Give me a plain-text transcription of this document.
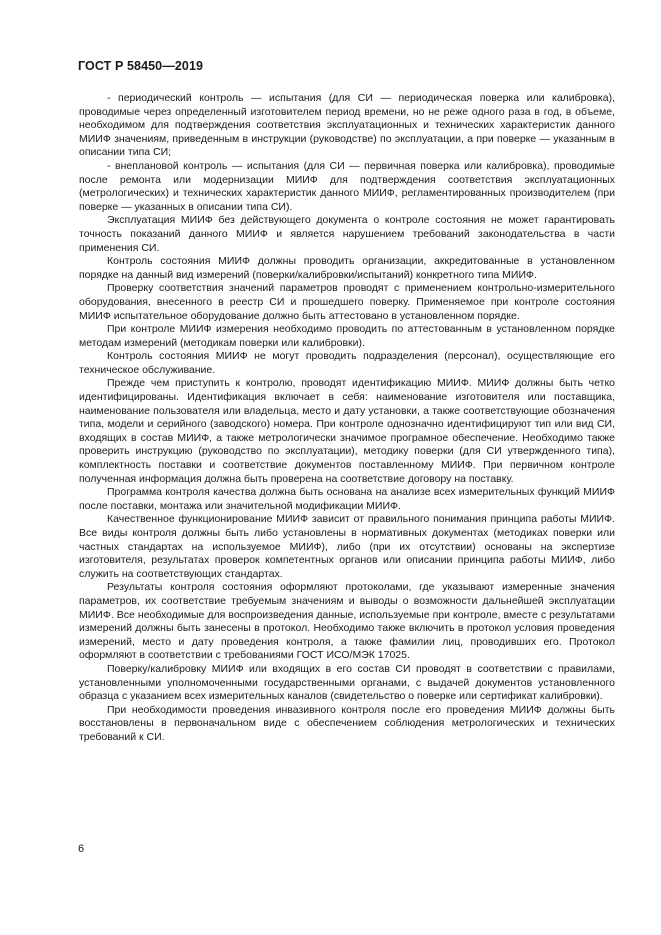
ГОСТ Р 58450—2019

- периодический контроль — испытания (для СИ — периодическая поверка или калибровка), проводимые через определенный изготовителем период времени, но не реже одного раза в год, в объеме, необходимом для подтверждения соответствия эксплуатационных и технических характеристик данного МИИФ значениям, приведенным в инструкции (руководстве) по эксплуатации, а при поверке — указанным в описании типа СИ;

- внеплановой контроль — испытания (для СИ — первичная поверка или калибровка), проводимые после ремонта или модернизации МИИФ для подтверждения соответствия эксплуатационных (метрологических) и технических характеристик данного МИИФ, регламентированных производителем (при поверке — указанных в описании типа СИ).

Эксплуатация МИИФ без действующего документа о контроле состояния не может гарантировать точность показаний данного МИИФ и является нарушением требований законодательства в части применения СИ.

Контроль состояния МИИФ должны проводить организации, аккредитованные в установленном порядке на данный вид измерений (поверки/калибровки/испытаний) конкретного типа МИИФ.

Проверку соответствия значений параметров проводят с применением контрольно-измерительного оборудования, внесенного в реестр СИ и прошедшего поверку. Применяемое при контроле состояния МИИФ испытательное оборудование должно быть аттестовано в установленном порядке.

При контроле МИИФ измерения необходимо проводить по аттестованным в установленном порядке методам измерений (методикам поверки или калибровки).

Контроль состояния МИИФ не могут проводить подразделения (персонал), осуществляющие его техническое обслуживание.

Прежде чем приступить к контролю, проводят идентификацию МИИФ. МИИФ должны быть четко идентифицированы. Идентификация включает в себя: наименование изготовителя или поставщика, наименование пользователя или владельца, место и дату установки, а также соответствующие обозначения типа, модели и серийного (заводского) номера. При контроле однозначно идентифицируют тип или вид СИ, входящих в состав МИИФ, а также метрологически значимое програмное обеспечение. Необходимо также проверить инструкцию (руководство по эксплуатации), методику поверки (для СИ утвержденного типа), комплектность поставки и соответствие документов поставленному МИИФ. При первичном контроле полученная информация должна быть проверена на соответствие договору на поставку.

Программа контроля качества должна быть основана на анализе всех измерительных функций МИИФ после поставки, монтажа или значительной модификации МИИФ.

Качественное функционирование МИИФ зависит от правильного понимания принципа работы МИИФ. Все виды контроля должны быть либо установлены в нормативных документах (методиках поверки или частных стандартах на используемое МИИФ), либо (при их отсутствии) основаны на экспертизе изготовителя, результатах проверок компетентных органов или описании принципа работы МИИФ, либо служить на соответствующих стандартах.

Результаты контроля состояния оформляют протоколами, где указывают измеренные значения параметров, их соответствие требуемым значениям и выводы о возможности дальнейшей эксплуатации МИИФ. Все необходимые для воспроизведения данные, используемые при контроле, вместе с результатами измерений должны быть занесены в протокол. Необходимо также включить в протокол условия проведения измерений, место и дату проведения контроля, а также фамилии лиц, проводивших его. Протокол оформляют в соответствии с требованиями ГОСТ ИСО/МЭК 17025.

Поверку/калибровку МИИФ или входящих в его состав СИ проводят в соответствии с правилами, установленными уполномоченными государственными органами, с выдачей документов установленного образца с указанием всех измерительных каналов (свидетельство о поверке или сертификат калибровки).

При необходимости проведения инвазивного контроля после его проведения МИИФ должны быть восстановлены в первоначальном виде с обеспечением соблюдения метрологических и технических требований к СИ.

6
